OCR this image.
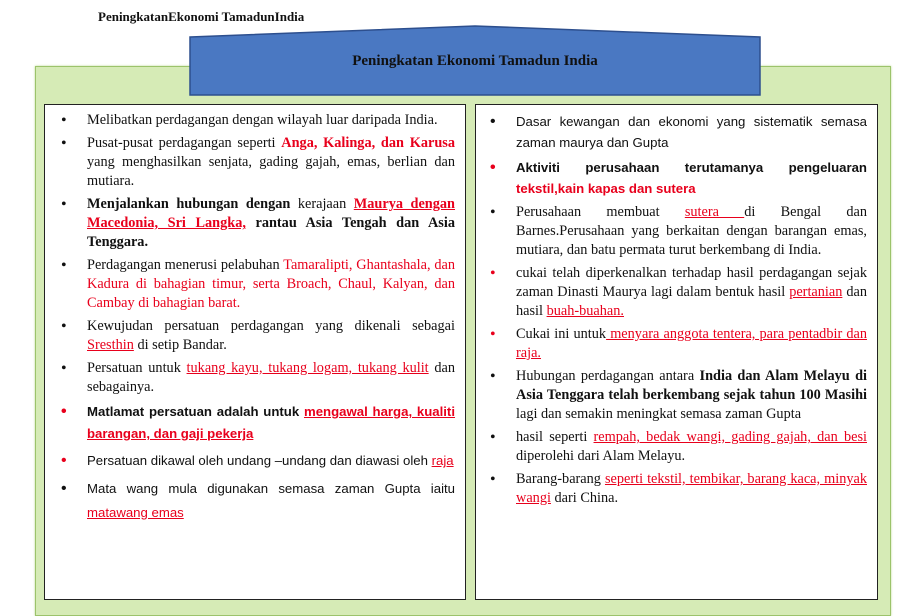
PeningkatanEkonomi TamadunIndia
Peningkatan Ekonomi Tamadun India
• Melibatkan perdagangan dengan wilayah luar daripada India.
• Pusat-pusat perdagangan seperti Anga, Kalinga, dan Karusa yang menghasilkan senjata, gading gajah, emas, berlian dan mutiara.
• Menjalankan hubungan dengan kerajaan Maurya dengan Macedonia, Sri Langka, rantau Asia Tengah dan Asia Tenggara.
• Perdagangan menerusi pelabuhan Tamaralipti, Ghantashala, dan Kadura di bahagian timur, serta Broach, Chaul, Kalyan, dan Cambay di bahagian barat.
• Kewujudan persatuan perdagangan yang dikenali sebagai Sresthin di setip Bandar.
• Persatuan untuk tukang kayu, tukang logam, tukang kulit dan sebagainya.
• Matlamat persatuan adalah untuk mengawal harga, kualiti barangan, dan gaji pekerja
• Persatuan dikawal oleh undang –undang dan diawasi oleh raja
• Mata wang mula digunakan semasa zaman Gupta iaitu matawang emas
• Dasar kewangan dan ekonomi yang sistematik semasa zaman maurya dan Gupta
• Aktiviti perusahaan terutamanya pengeluaran tekstil,kain kapas dan sutera
• Perusahaan membuat sutera di Bengal dan Barnes.Perusahaan yang berkaitan dengan barangan emas, mutiara, dan batu permata turut berkembang di India.
• cukai telah diperkenalkan terhadap hasil perdagangan sejak zaman Dinasti Maurya lagi dalam bentuk hasil pertanian dan hasil buah-buahan.
• Cukai ini untuk menyara anggota tentera, para pentadbir dan raja.
• Hubungan perdagangan antara India dan Alam Melayu di Asia Tenggara telah berkembang sejak tahun 100 Masihi lagi dan semakin meningkat semasa zaman Gupta
• hasil seperti rempah, bedak wangi, gading gajah, dan besi diperolehi dari Alam Melayu.
• Barang-barang seperti tekstil, tembikar, barang kaca, minyak wangi dari China.
